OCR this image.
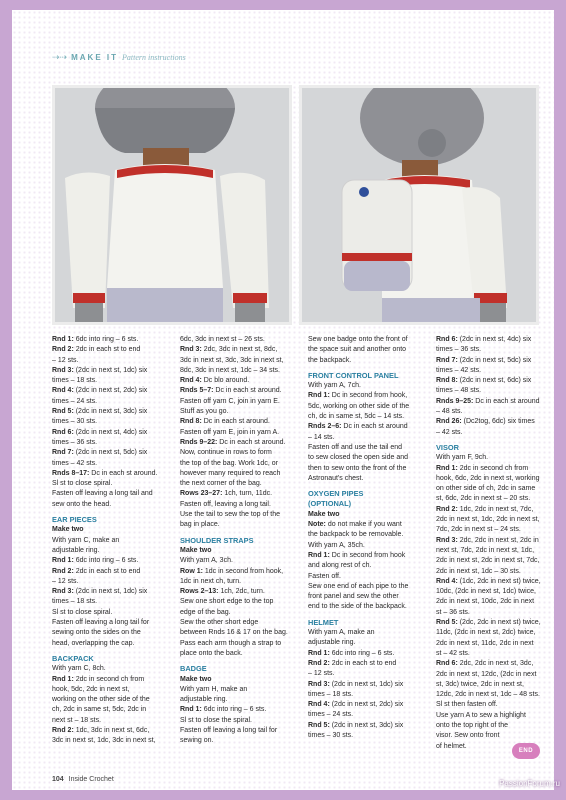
⇢⇢ MAKE IT Pattern instructions
Rnd 1: 6dc into ring – 6 sts.
Rnd 2: 2dc in each st to end
– 12 sts.
Rnd 3: (2dc in next st, 1dc) six
times – 18 sts.
Rnd 4: (2dc in next st, 2dc) six
times – 24 sts.
Rnd 5: (2dc in next st, 3dc) six
times – 30 sts.
Rnd 6: (2dc in next st, 4dc) six
times – 36 sts.
Rnd 7: (2dc in next st, 5dc) six
times – 42 sts.
Rnds 8–17: Dc in each st around.
Sl st to close spiral.
Fasten off leaving a long tail and
sew onto the head.
EAR PIECES
Make two
With yarn C, make an
adjustable ring.
Rnd 1: 6dc into ring – 6 sts.
Rnd 2: 2dc in each st to end
– 12 sts.
Rnd 3: (2dc in next st, 1dc) six
times – 18 sts.
Sl st to close spiral.
Fasten off leaving a long tail for
sewing onto the sides on the
head, overlapping the cap.
BACKPACK
With yarn C, 8ch.
Rnd 1: 2dc in second ch from
hook, 5dc, 2dc in next st,
working on the other side of the
ch, 2dc in same st, 5dc, 2dc in
next st – 18 sts.
Rnd 2: 1dc, 3dc in next st, 6dc,
3dc in next st, 1dc, 3dc in next st,
6dc, 3dc in next st – 26 sts.
Rnd 3: 2dc, 3dc in next st, 8dc,
3dc in next st, 3dc, 3dc in next st,
8dc, 3dc in next st, 1dc – 34 sts.
Rnd 4: Dc blo around.
Rnds 5–7: Dc in each st around.
Fasten off yarn C, join in yarn E.
Stuff as you go.
Rnd 8: Dc in each st around.
Fasten off yarn E, join in yarn A.
Rnds 9–22: Dc in each st around.
Now, continue in rows to form
the top of the bag. Work 1dc, or
however many required to reach
the next corner of the bag.
Rows 23–27: 1ch, turn, 11dc.
Fasten off, leaving a long tail.
Use the tail to sew the top of the
bag in place.
SHOULDER STRAPS
Make two
With yarn A, 3ch.
Row 1: 1dc in second from hook,
1dc in next ch, turn.
Rows 2–13: 1ch, 2dc, turn.
Sew one short edge to the top
edge of the bag.
Sew the other short edge
between Rnds 16 & 17 on the bag.
Pass each arm though a strap to
place onto the back.
BADGE
Make two
With yarn H, make an
adjustable ring.
Rnd 1: 6dc into ring – 6 sts.
Sl st to close the spiral.
Fasten off leaving a long tail for
sewing on.
Sew one badge onto the front of
the space suit and another onto
the backpack.
FRONT CONTROL PANEL
With yarn A, 7ch.
Rnd 1: Dc in second from hook,
5dc, working on other side of the
ch, dc in same st, 5dc – 14 sts.
Rnds 2–6: Dc in each st around
– 14 sts.
Fasten off and use the tail end
to sew closed the open side and
then to sew onto the front of the
Astronaut's chest.
OXYGEN PIPES
(OPTIONAL)
Make two
Note: do not make if you want
the backpack to be removable.
With yarn A, 35ch.
Rnd 1: Dc in second from hook
and along rest of ch.
Fasten off.
Sew one end of each pipe to the
front panel and sew the other
end to the side of the backpack.
HELMET
With yarn A, make an
adjustable ring.
Rnd 1: 6dc into ring – 6 sts.
Rnd 2: 2dc in each st to end
– 12 sts.
Rnd 3: (2dc in next st, 1dc) six
times – 18 sts.
Rnd 4: (2dc in next st, 2dc) six
times – 24 sts.
Rnd 5: (2dc in next st, 3dc) six
times – 30 sts.
Rnd 6: (2dc in next st, 4dc) six
times – 36 sts.
Rnd 7: (2dc in next st, 5dc) six
times – 42 sts.
Rnd 8: (2dc in next st, 6dc) six
times – 48 sts.
Rnds 9–25: Dc in each st around
– 48 sts.
Rnd 26: (Dc2tog, 6dc) six times
– 42 sts.
VISOR
With yarn F, 9ch.
Rnd 1: 2dc in second ch from
hook, 6dc, 2dc in next st, working
on other side of ch, 2dc in same
st, 6dc, 2dc in next st – 20 sts.
Rnd 2: 1dc, 2dc in next st, 7dc,
2dc in next st, 1dc, 2dc in next st,
7dc, 2dc in next st – 24 sts.
Rnd 3: 2dc, 2dc in next st, 2dc in
next st, 7dc, 2dc in next st, 1dc,
2dc in next st, 2dc in next st, 7dc,
2dc in next st, 1dc – 30 sts.
Rnd 4: (1dc, 2dc in next st) twice,
10dc, (2dc in next st, 1dc) twice,
2dc in next st, 10dc, 2dc in next
st – 36 sts.
Rnd 5: (2dc, 2dc in next st) twice,
11dc, (2dc in next st, 2dc) twice,
2dc in next st, 11dc, 2dc in next
st – 42 sts.
Rnd 6: 2dc, 2dc in next st, 3dc,
2dc in next st, 12dc, (2dc in next
st, 3dc) twice, 2dc in next st,
12dc, 2dc in next st, 1dc – 48 sts.
Sl st then fasten off.
Use yarn A to sew a highlight
onto the top right of the
visor. Sew onto front
of helmet.
END
104 Inside Crochet	PassionForum.ru
